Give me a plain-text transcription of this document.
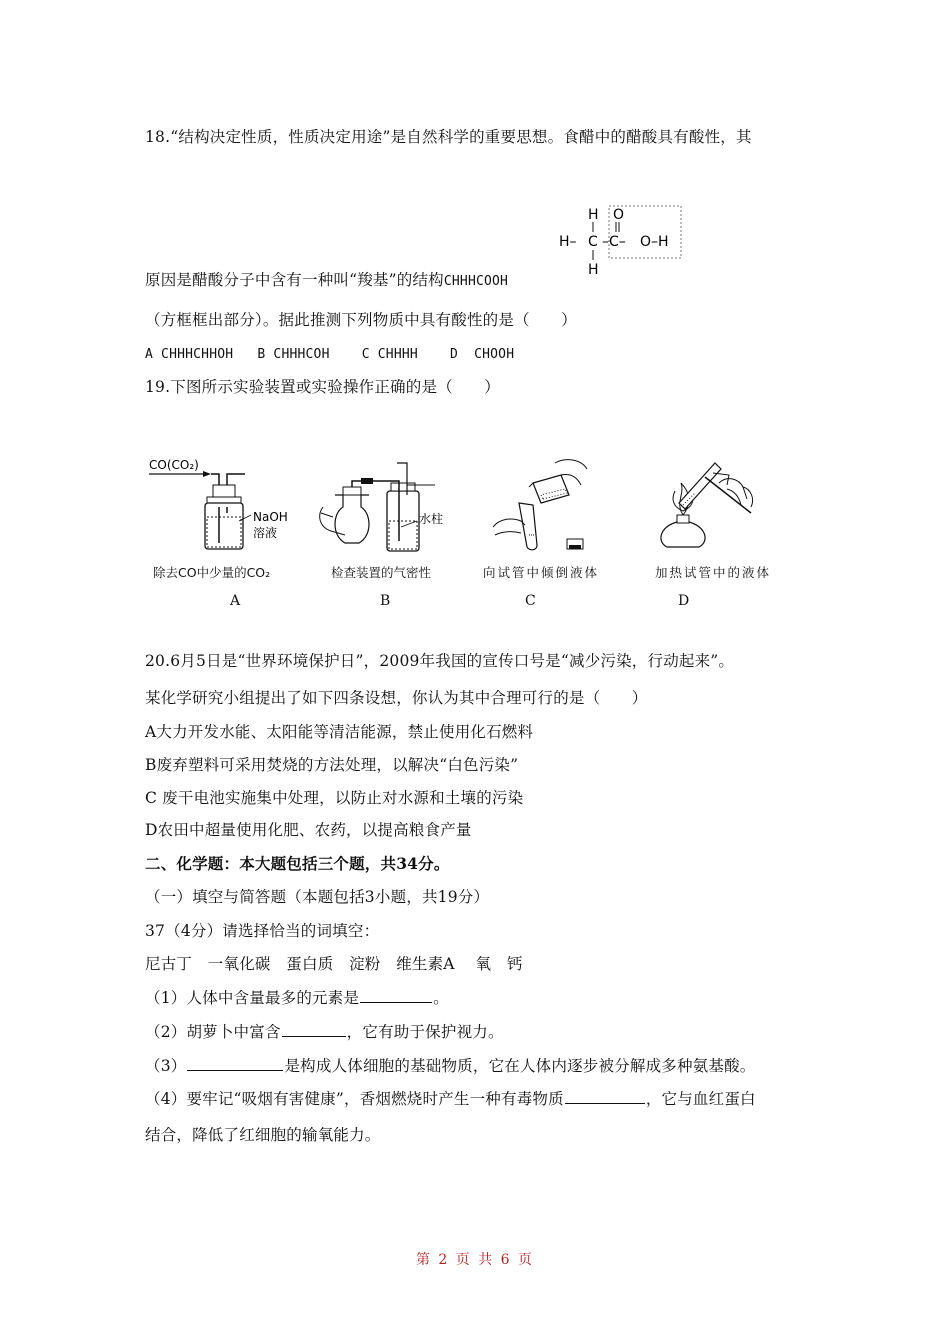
18.“结构决定性质，性质决定用途”是自然科学的重要思想。食醋中的醋酸具有酸性，其
H O
H– C –C– O–H
H
原因是醋酸分子中含有一种叫“羧基”的结构CHHHCOOH
（方框框出部分）。据此推测下列物质中具有酸性的是（　　）
A CHHHCHHOH   B CHHHCOH    C CHHHH    D  CHOOH
19.下图所示实验装置或实验操作正确的是（　　）
CO(CO₂)
NaOH
溶液
水柱
除去CO中少量的CO₂	检查装置的气密性	向试管中倾倒液体	加热试管中的液体
A	B	C	D
20.6月5日是“世界环境保护日”，2009年我国的宣传口号是“减少污染，行动起来”。
某化学研究小组提出了如下四条设想，你认为其中合理可行的是（　　）
A大力开发水能、太阳能等清洁能源，禁止使用化石燃料
B废弃塑料可采用焚烧的方法处理，以解决“白色污染”
C 废干电池实施集中处理，以防止对水源和土壤的污染
D农田中超量使用化肥、农药，以提高粮食产量
二、化学题：本大题包括三个题，共34分。
（一）填空与简答题（本题包括3小题，共19分）
37（4分）请选择恰当的词填空：
尼古丁　一氧化碳　蛋白质　淀粉　维生素A　 氧　钙
（1）人体中含量最多的元素是	。
（2）胡萝卜中富含	，它有助于保护视力。
（3）	是构成人体细胞的基础物质，它在人体内逐步被分解成多种氨基酸。
（4）要牢记“吸烟有害健康”，香烟燃烧时产生一种有毒物质	，它与血红蛋白
结合，降低了红细胞的输氧能力。
第 2 页 共 6 页
